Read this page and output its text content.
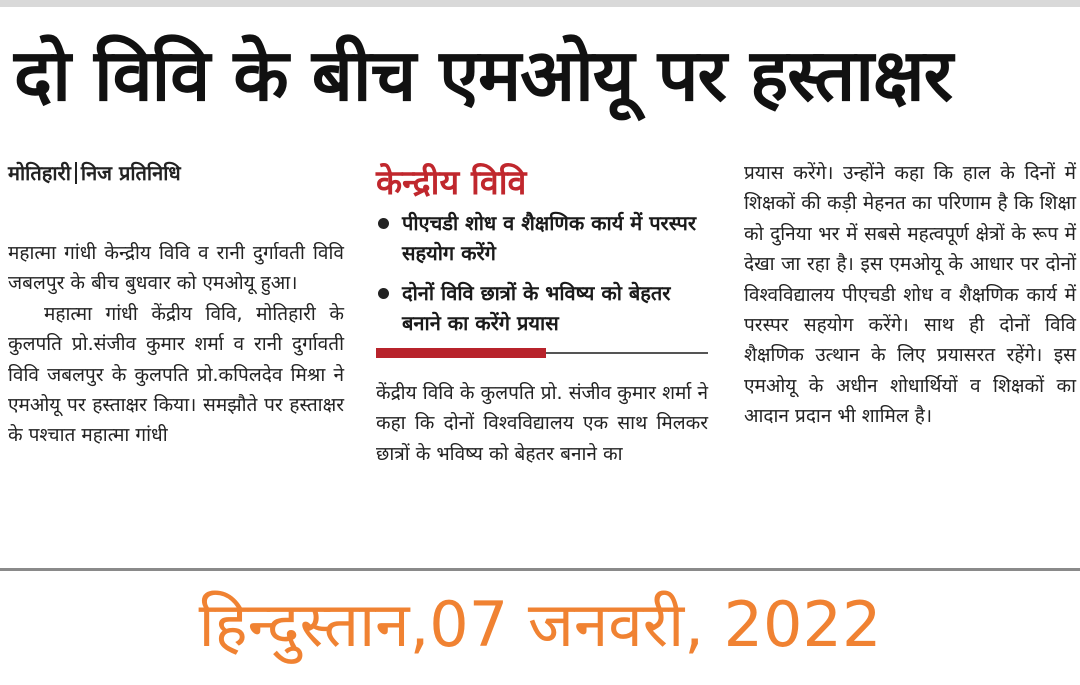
दो विवि के बीच एमओयू पर हस्ताक्षर

मोतिहारी निज प्रतिनिधि

महात्मा गांधी केन्द्रीय विवि व रानी दुर्गावती विवि जबलपुर के बीच बुधवार को एमओयू हुआ।

महात्मा गांधी केंद्रीय विवि, मोतिहारी के कुलपति प्रो.संजीव कुमार शर्मा व रानी दुर्गावती विवि जबलपुर के कुलपति प्रो.कपिलदेव मिश्रा ने एमओयू पर हस्ताक्षर किया। समझौते पर हस्ताक्षर के पश्चात महात्मा गांधी

केन्द्रीय विवि

पीएचडी शोध व शैक्षणिक कार्य में परस्पर सहयोग करेंगे
दोनों विवि छात्रों के भविष्य को बेहतर बनाने का करेंगे प्रयास

केंद्रीय विवि के कुलपति प्रो. संजीव कुमार शर्मा ने कहा कि दोनों विश्वविद्यालय एक साथ मिलकर छात्रों के भविष्य को बेहतर बनाने का

प्रयास करेंगे। उन्होंने कहा कि हाल के दिनों में शिक्षकों की कड़ी मेहनत का परिणाम है कि शिक्षा को दुनिया भर में सबसे महत्वपूर्ण क्षेत्रों के रूप में देखा जा रहा है। इस एमओयू के आधार पर दोनों विश्वविद्यालय पीएचडी शोध व शैक्षणिक कार्य में परस्पर सहयोग करेंगे। साथ ही दोनों विवि शैक्षणिक उत्थान के लिए प्रयासरत रहेंगे। इस एमओयू के अधीन शोधार्थियों व शिक्षकों का आदान प्रदान भी शामिल है।

हिन्दुस्तान,07 जनवरी, 2022
